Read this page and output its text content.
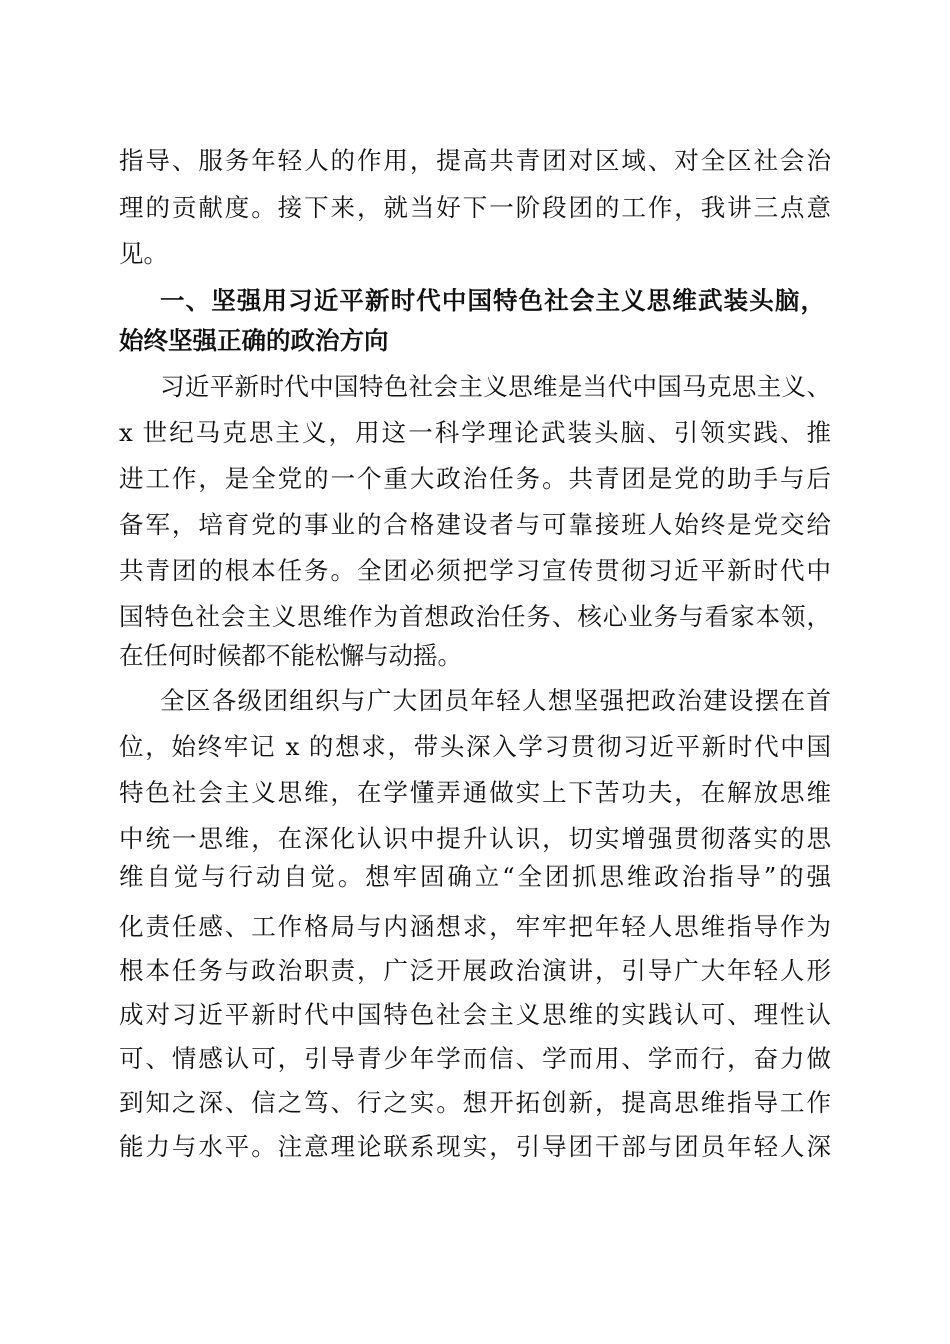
指导、服务年轻人的作用，提高共青团对区域、对全区社会治
理的贡献度。接下来，就当好下一阶段团的工作，我讲三点意
见。
一、坚强用习近平新时代中国特色社会主义思维武装头脑，
始终坚强正确的政治方向
习近平新时代中国特色社会主义思维是当代中国马克思主义、
x 世纪马克思主义，用这一科学理论武装头脑、引领实践、推
进工作，是全党的一个重大政治任务。共青团是党的助手与后
备军，培育党的事业的合格建设者与可靠接班人始终是党交给
共青团的根本任务。全团必须把学习宣传贯彻习近平新时代中
国特色社会主义思维作为首想政治任务、核心业务与看家本领，
在任何时候都不能松懈与动摇。
全区各级团组织与广大团员年轻人想坚强把政治建设摆在首
位，始终牢记 x 的想求，带头深入学习贯彻习近平新时代中国
特色社会主义思维，在学懂弄通做实上下苦功夫，在解放思维
中统一思维，在深化认识中提升认识，切实增强贯彻落实的思
维自觉与行动自觉。想牢固确立“全团抓思维政治指导”的强
化责任感、工作格局与内涵想求，牢牢把年轻人思维指导作为
根本任务与政治职责，广泛开展政治演讲，引导广大年轻人形
成对习近平新时代中国特色社会主义思维的实践认可、理性认
可、情感认可，引导青少年学而信、学而用、学而行，奋力做
到知之深、信之笃、行之实。想开拓创新，提高思维指导工作
能力与水平。注意理论联系现实，引导团干部与团员年轻人深
